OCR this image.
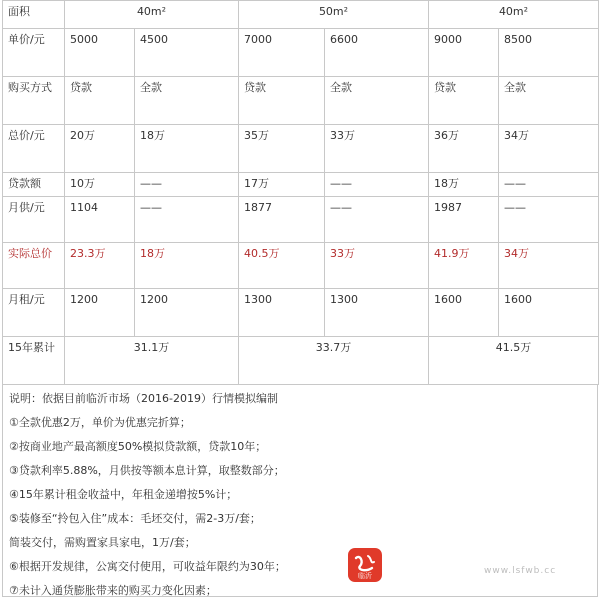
面积	40m²		50m²		40m²	
单价/元	5000	4500	7000	6600	9000	8500
购买方式	贷款	全款	贷款	全款	贷款	全款
总价/元	20万	18万	35万	33万	36万	34万
贷款额	10万	——	17万	——	18万	——
月供/元	1104	——	1877	——	1987	——
实际总价	23.3万	18万	40.5万	33万	41.9万	34万
月租/元	1200	1200	1300	1300	1600	1600
15年累计	31.1万		33.7万		41.5万	
说明：依据目前临沂市场（2016-2019）行情模拟编制
①全款优惠2万，单价为优惠完折算；
②按商业地产最高额度50%模拟贷款额，贷款10年；
③贷款利率5.88%，月供按等额本息计算，取整数部分；
④15年累计租金收益中，年租金递增按5%计；
⑤装修至“拎包入住”成本：毛坯交付，需2-3万/套；
简装交付，需购置家具家电，1万/套；
⑥根据开发规律，公寓交付使用，可收益年限约为30年；
⑦未计入通货膨胀带来的购买力变化因素；
临沂	www.lsfwb.cc
